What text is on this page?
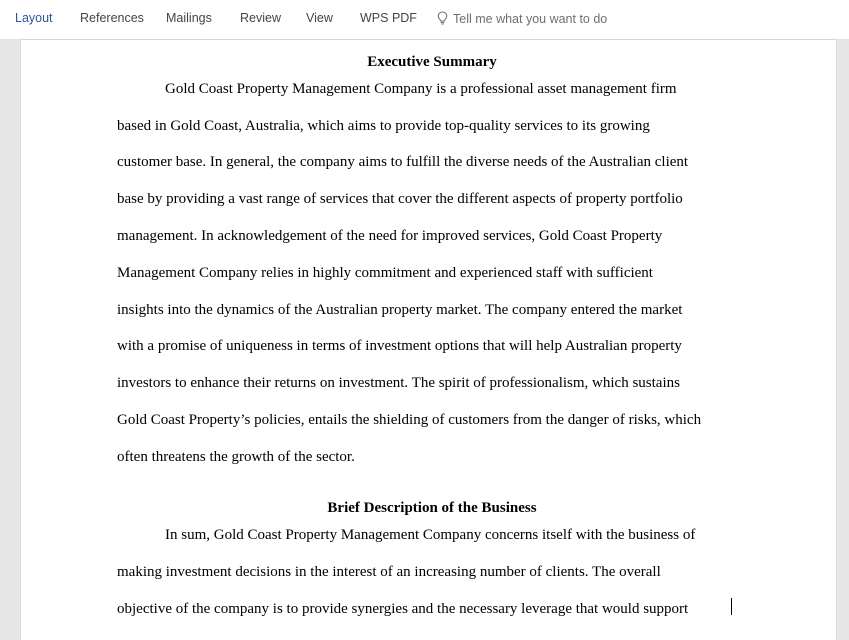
Layout References Mailings Review View WPS PDF	Tell me what you want to do
Executive Summary
Gold Coast Property Management Company is a professional asset management firm
based in Gold Coast, Australia, which aims to provide top-quality services to its growing
customer base. In general, the company aims to fulfill the diverse needs of the Australian client
base by providing a vast range of services that cover the different aspects of property portfolio
management. In acknowledgement of the need for improved services, Gold Coast Property
Management Company relies in highly commitment and experienced staff with sufficient
insights into the dynamics of the Australian property market. The company entered the market
with a promise of uniqueness in terms of investment options that will help Australian property
investors to enhance their returns on investment. The spirit of professionalism, which sustains
Gold Coast Property’s policies, entails the shielding of customers from the danger of risks, which
often threatens the growth of the sector.
Brief Description of the Business
In sum, Gold Coast Property Management Company concerns itself with the business of
making investment decisions in the interest of an increasing number of clients. The overall
objective of the company is to provide synergies and the necessary leverage that would support
